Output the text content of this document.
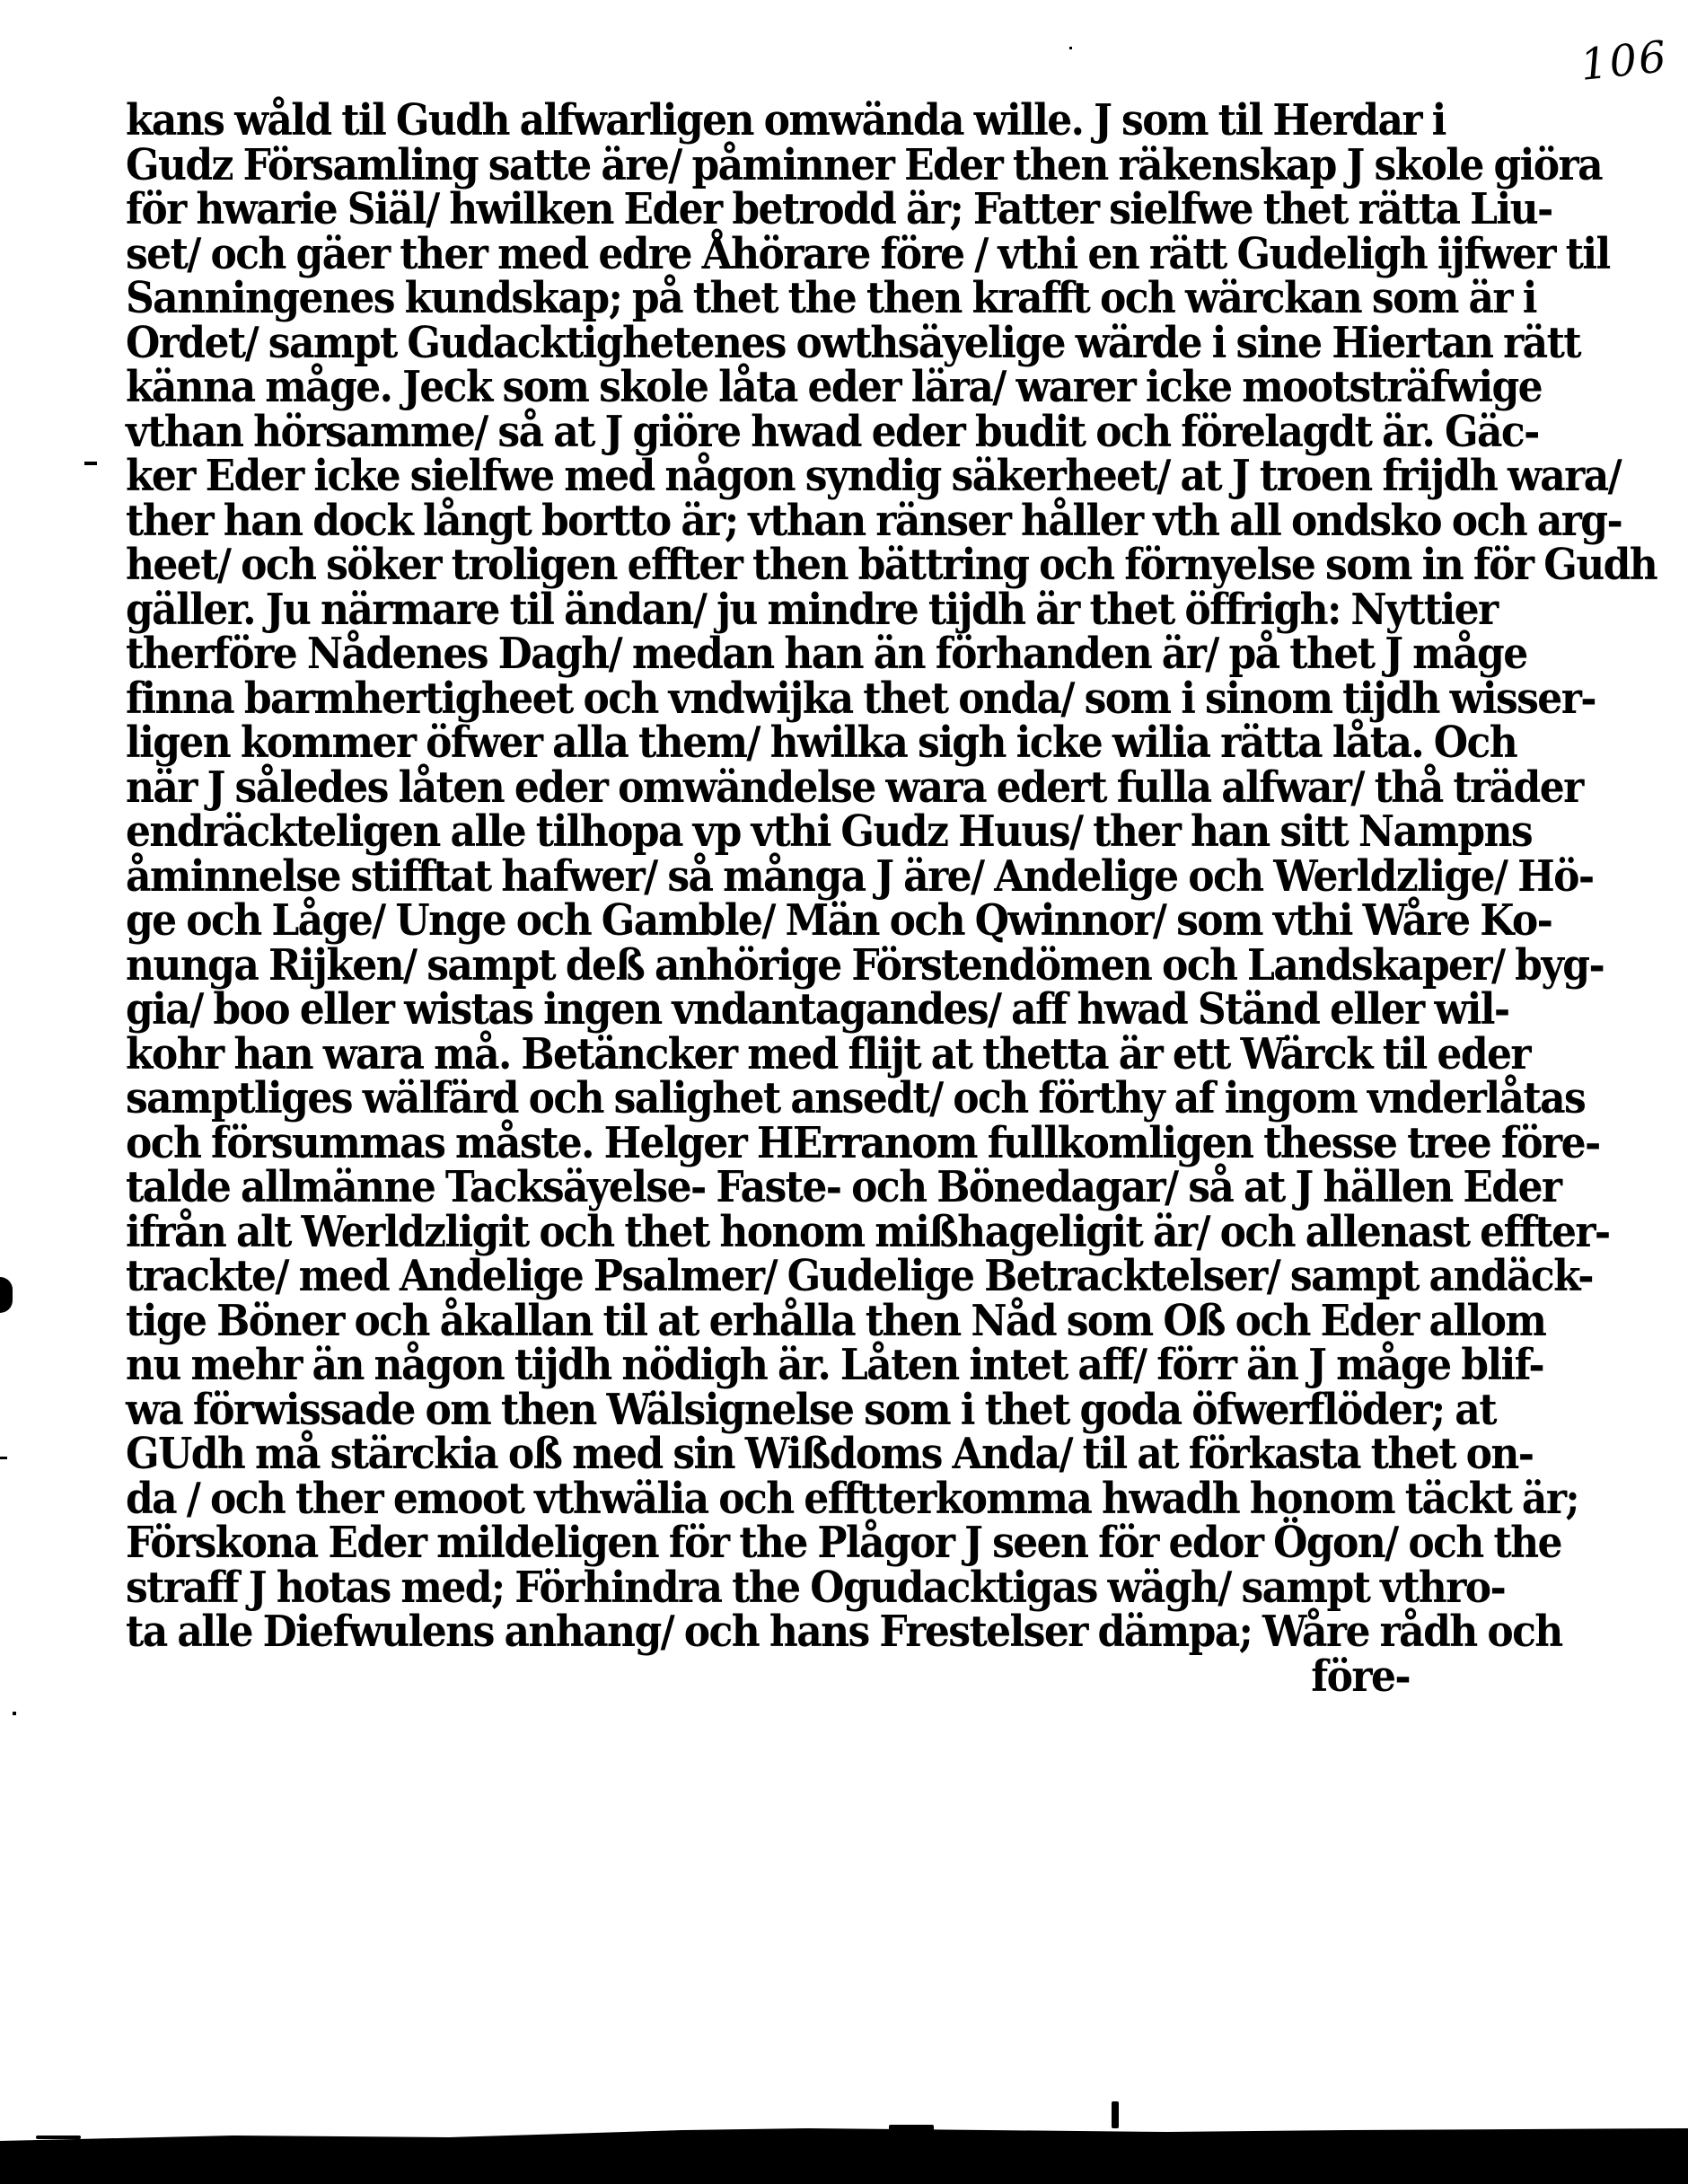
106
kans wåld til Gudh alfwarligen omwända wille. J som til Herdar i
Gudz Församling satte äre/ påminner Eder then räkenskap J skole giöra
för hwarie Siäl/ hwilken Eder betrodd är; Fatter sielfwe thet rätta Liu-
set/ och gäer ther med edre Åhörare före / vthi en rätt Gudeligh ijfwer til
Sanningenes kundskap; på thet the then krafft och wärckan som är i
Ordet/ sampt Gudacktighetenes owthsäyelige wärde i sine Hiertan rätt
känna måge. Jeck som skole låta eder lära/ warer icke mootsträfwige
vthan hörsamme/ så at J giöre hwad eder budit och förelagdt är. Gäc-
ker Eder icke sielfwe med någon syndig säkerheet/ at J troen frijdh wara/
ther han dock långt bortto är; vthan ränser håller vth all ondsko och arg-
heet/ och söker troligen effter then bättring och förnyelse som in för Gudh
gäller. Ju närmare til ändan/ ju mindre tijdh är thet öffrigh: Nyttier
therföre Nådenes Dagh/ medan han än förhanden är/ på thet J måge
finna barmhertigheet och vndwijka thet onda/ som i sinom tijdh wisser-
ligen kommer öfwer alla them/ hwilka sigh icke wilia rätta låta. Och
när J således låten eder omwändelse wara edert fulla alfwar/ thå träder
endräckteligen alle tilhopa vp vthi Gudz Huus/ ther han sitt Nampns
åminnelse stifftat hafwer/ så många J äre/ Andelige och Werldzlige/ Hö-
ge och Låge/ Unge och Gamble/ Män och Qwinnor/ som vthi Wåre Ko-
nunga Rijken/ sampt deß anhörige Förstendömen och Landskaper/ byg-
gia/ boo eller wistas ingen vndantagandes/ aff hwad Ständ eller wil-
kohr han wara må. Betäncker med flijt at thetta är ett Wärck til eder
samptliges wälfärd och salighet ansedt/ och förthy af ingom vnderlåtas
och försummas måste. Helger HErranom fullkomligen thesse tree före-
talde allmänne Tacksäyelse- Faste- och Bönedagar/ så at J hällen Eder
ifrån alt Werldzligit och thet honom mißhageligit är/ och allenast effter-
trackte/ med Andelige Psalmer/ Gudelige Betracktelser/ sampt andäck-
tige Böner och åkallan til at erhålla then Nåd som Oß och Eder allom
nu mehr än någon tijdh nödigh är. Låten intet aff/ förr än J måge blif-
wa förwissade om then Wälsignelse som i thet goda öfwerflöder; at
GUdh må stärckia oß med sin Wißdoms Anda/ til at förkasta thet on-
da / och ther emoot vthwälia och efftterkomma hwadh honom täckt är;
Förskona Eder mildeligen för the Plågor J seen för edor Ögon/ och the
straff J hotas med; Förhindra the Ogudacktigas wägh/ sampt vthro-
ta alle Diefwulens anhang/ och hans Frestelser dämpa; Wåre rådh och
före-
